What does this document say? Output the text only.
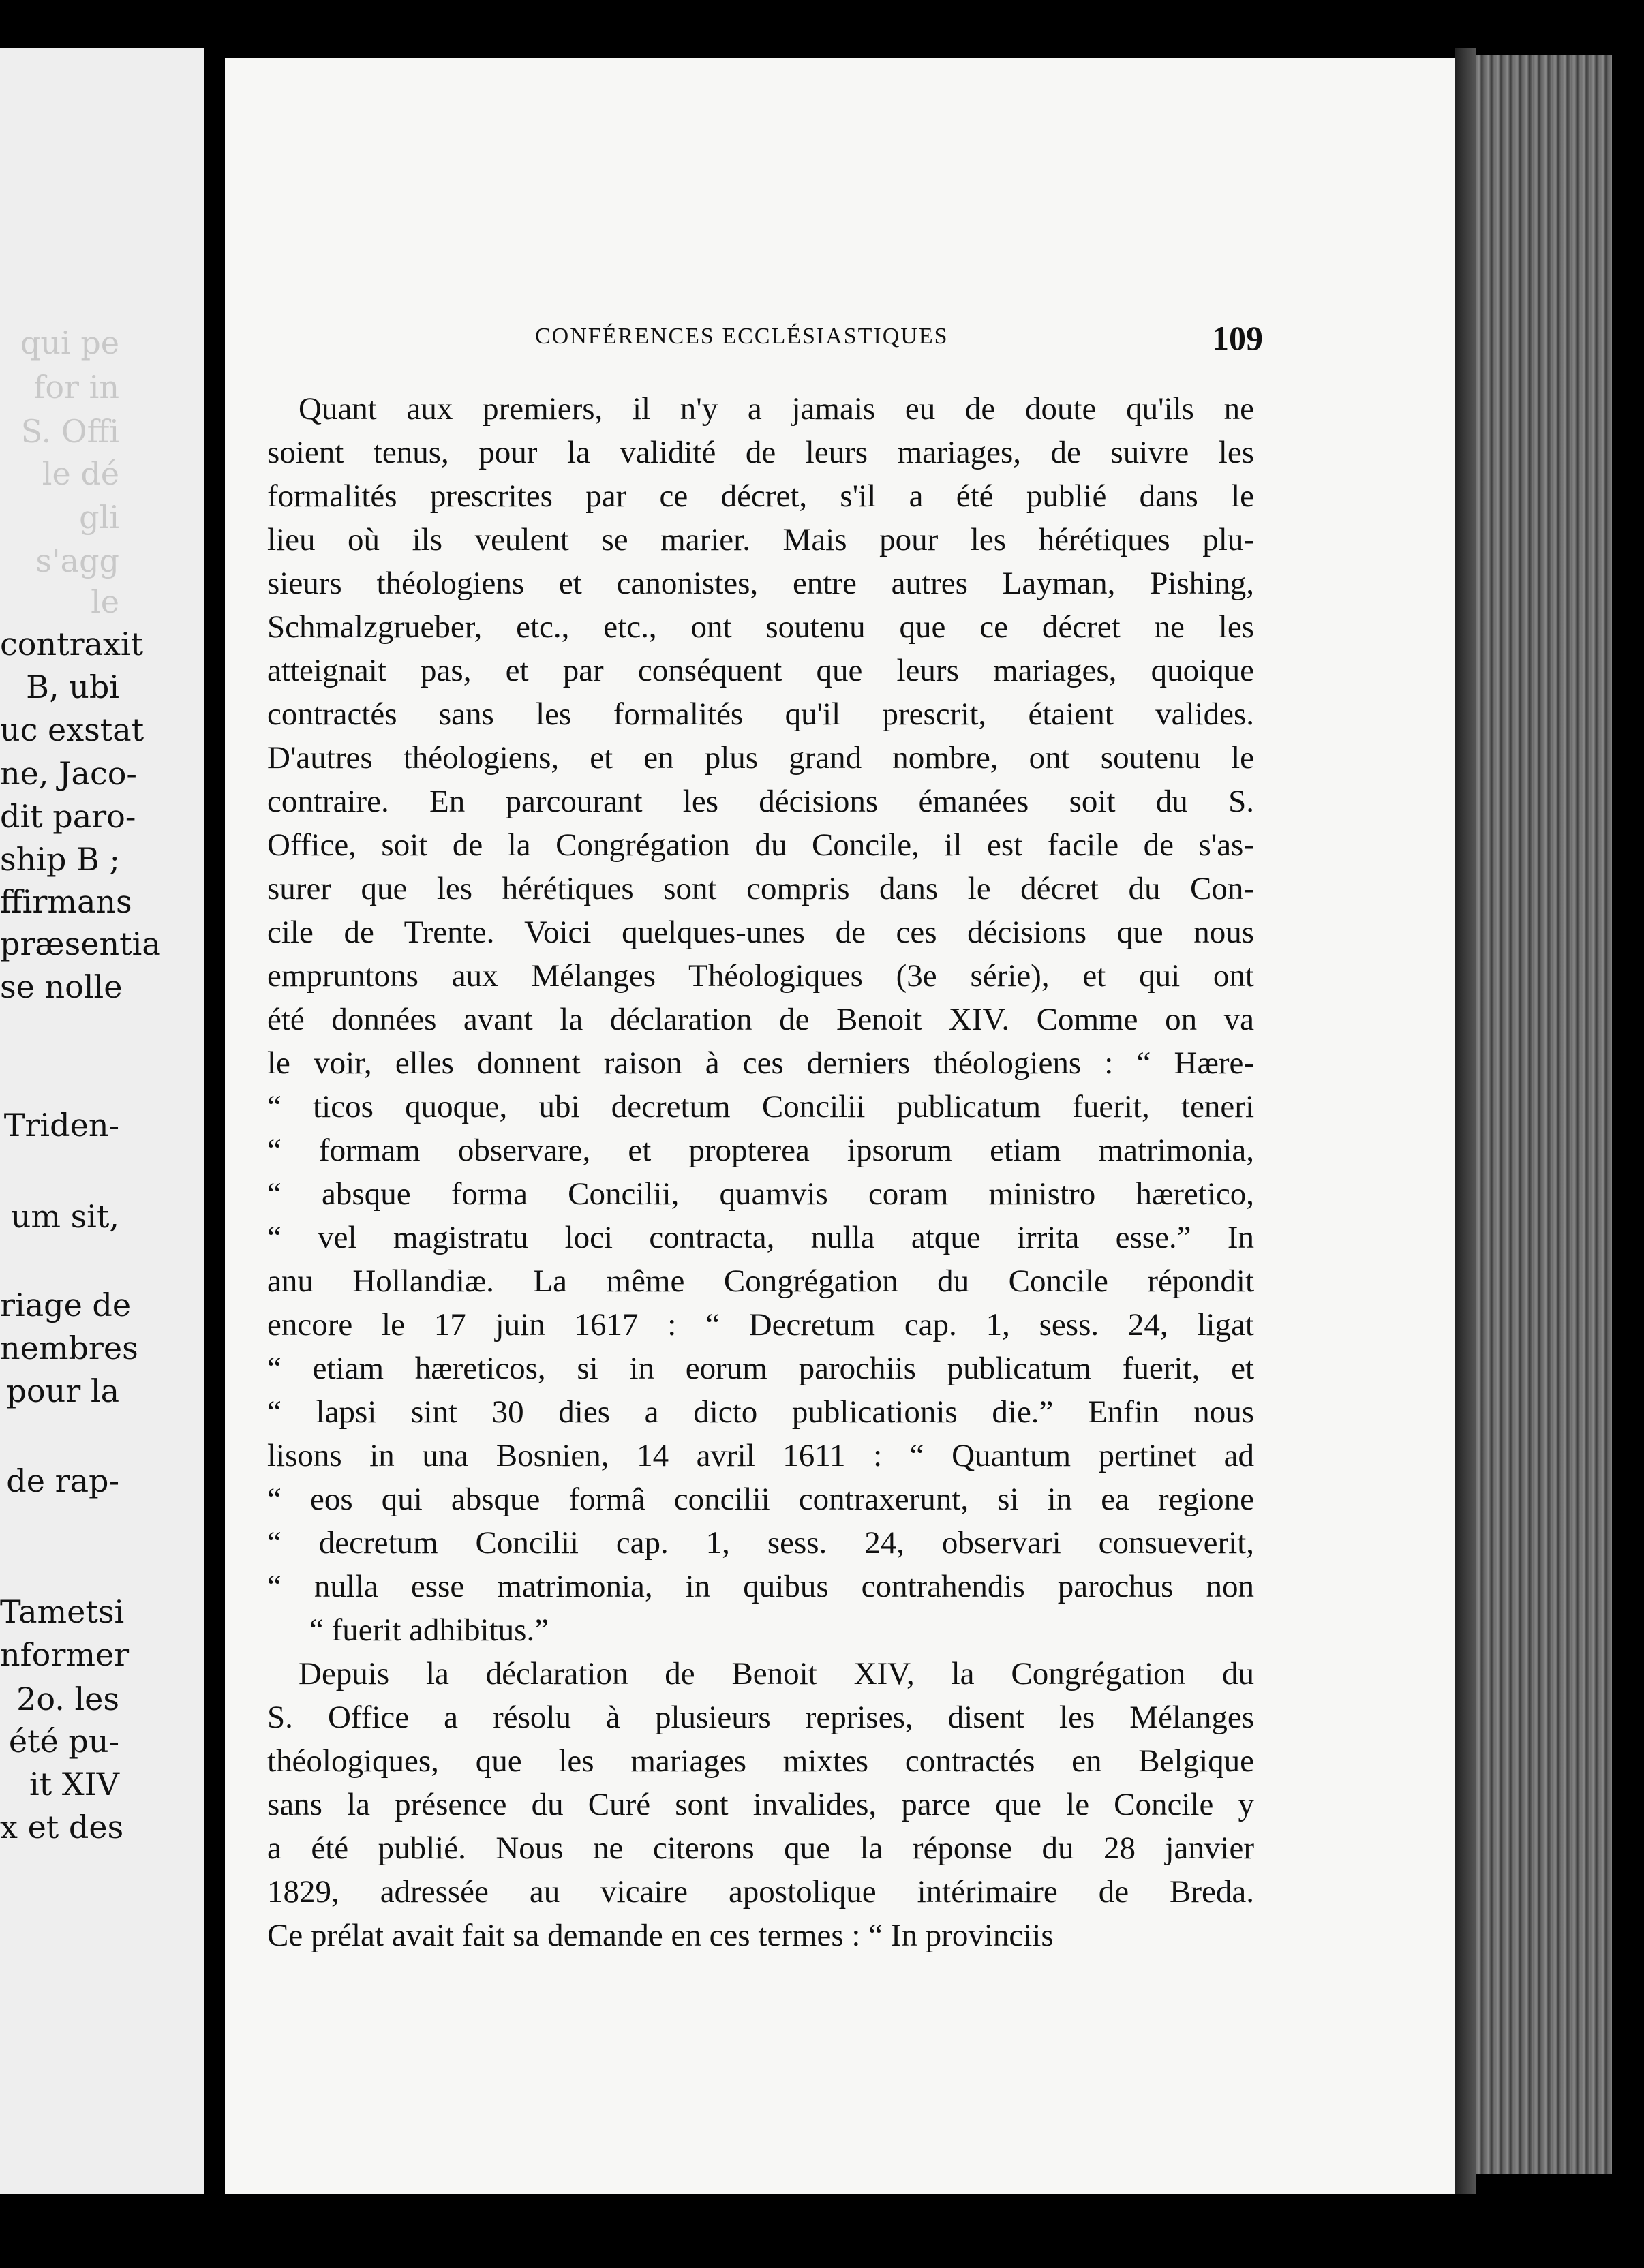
qui pe
for in
S. Offi
le dé
gli
s'agg
le
contraxit
B, ubi
uc exstat
ne, Jaco-
dit paro-
ship B ;
ffirmans
præsentia
se nolle
Triden-
um sit,
riage de
nembres
pour la
de rap-
Tametsi
nformer
2o. les
été pu-
it XIV
x et des
CONFÉRENCES ECCLÉSIASTIQUES	109
Quant aux premiers, il n'y a jamais eu de doute qu'ils ne
soient tenus, pour la validité de leurs mariages, de suivre les
formalités prescrites par ce décret, s'il a été publié dans le
lieu où ils veulent se marier. Mais pour les hérétiques plu-
sieurs théologiens et canonistes, entre autres Layman, Pishing,
Schmalzgrueber, etc., etc., ont soutenu que ce décret ne les
atteignait pas, et par conséquent que leurs mariages, quoique
contractés sans les formalités qu'il prescrit, étaient valides.
D'autres théologiens, et en plus grand nombre, ont soutenu le
contraire. En parcourant les décisions émanées soit du S.
Office, soit de la Congrégation du Concile, il est facile de s'as-
surer que les hérétiques sont compris dans le décret du Con-
cile de Trente. Voici quelques-unes de ces décisions que nous
empruntons aux Mélanges Théologiques (3e série), et qui ont
été données avant la déclaration de Benoit XIV. Comme on va
le voir, elles donnent raison à ces derniers théologiens : “ Hære-
“ ticos quoque, ubi decretum Concilii publicatum fuerit, teneri
“ formam observare, et propterea ipsorum etiam matrimonia,
“ absque forma Concilii, quamvis coram ministro hæretico,
“ vel magistratu loci contracta, nulla atque irrita esse.” In
anu Hollandiæ. La même Congrégation du Concile répondit
encore le 17 juin 1617 : “ Decretum cap. 1, sess. 24, ligat
“ etiam hæreticos, si in eorum parochiis publicatum fuerit, et
“ lapsi sint 30 dies a dicto publicationis die.” Enfin nous
lisons in una Bosnien, 14 avril 1611 : “ Quantum pertinet ad
“ eos qui absque formâ concilii contraxerunt, si in ea regione
“ decretum Concilii cap. 1, sess. 24, observari consueverit,
“ nulla esse matrimonia, in quibus contrahendis parochus non
“ fuerit adhibitus.”
Depuis la déclaration de Benoit XIV, la Congrégation du
S. Office a résolu à plusieurs reprises, disent les Mélanges
théologiques, que les mariages mixtes contractés en Belgique
sans la présence du Curé sont invalides, parce que le Concile y
a été publié. Nous ne citerons que la réponse du 28 janvier
1829, adressée au vicaire apostolique intérimaire de Breda.
Ce prélat avait fait sa demande en ces termes : “ In provinciis
